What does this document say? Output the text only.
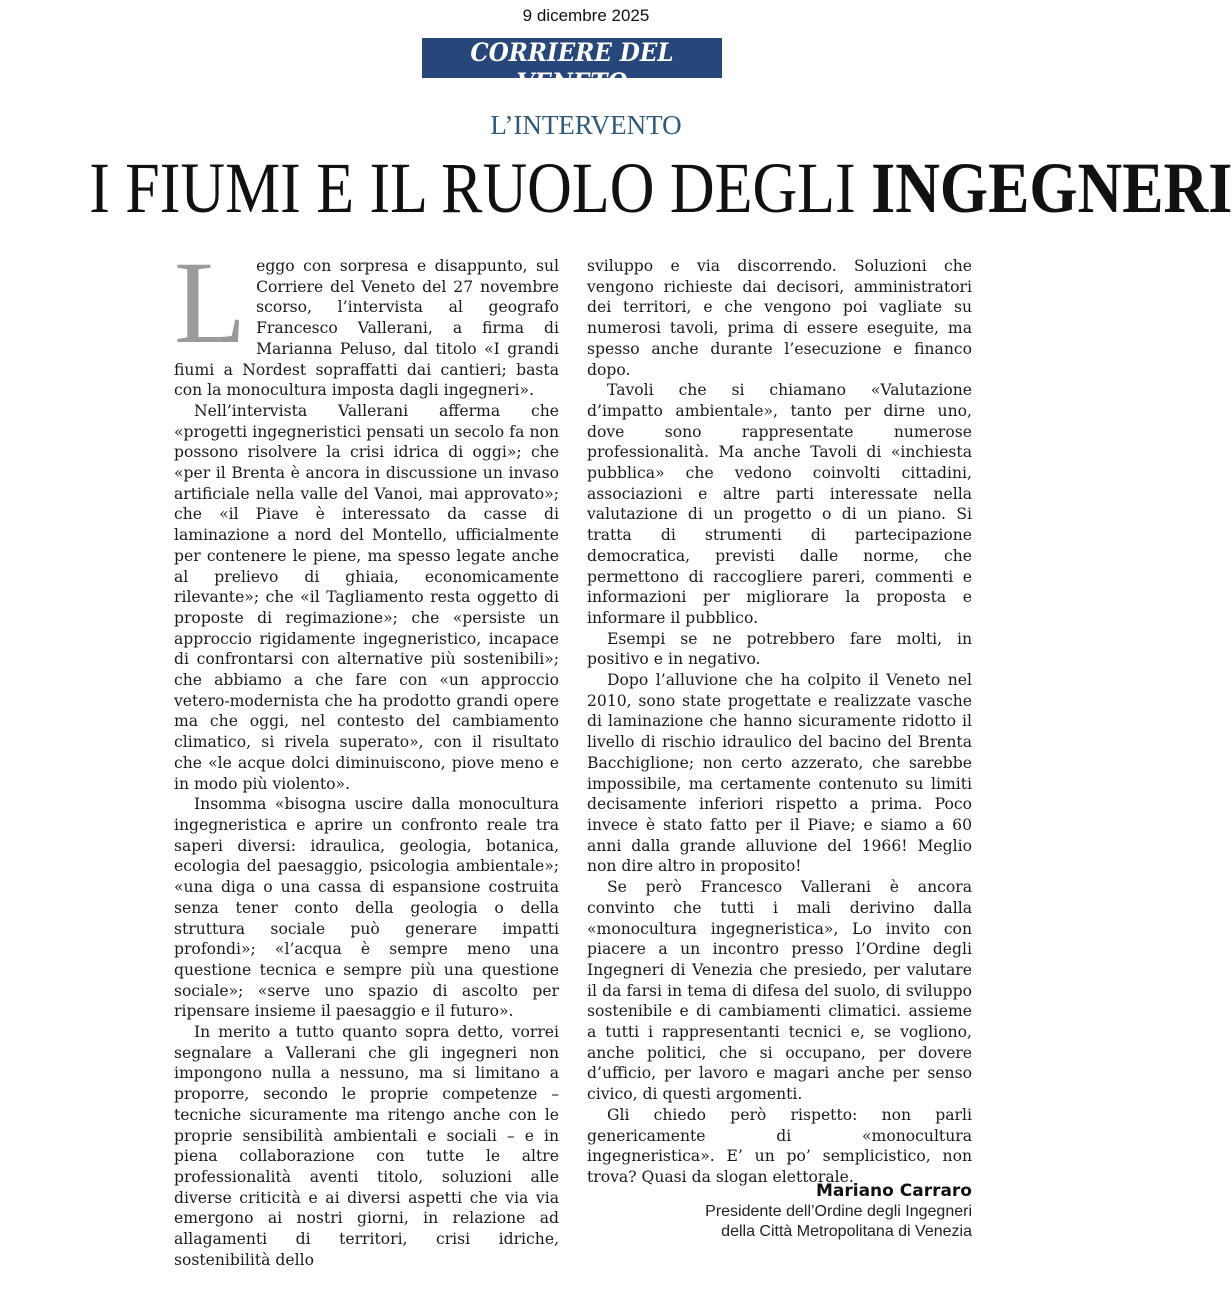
9 dicembre 2025
CORRIERE DEL VENETO
VENEZIA E MESTRE
L’INTERVENTO
I FIUMI E IL RUOLO DEGLI INGEGNERI

Leggo con sorpresa e disappunto, sul Corriere del Veneto del 27 novembre scorso, l’intervista al geografo Francesco Vallerani, a firma di Marianna Peluso, dal titolo «I grandi fiumi a Nordest sopraffatti dai cantieri; basta con la monocultura imposta dagli ingegneri».

Nell’intervista Vallerani afferma che «progetti ingegneristici pensati un secolo fa non possono risolvere la crisi idrica di oggi»; che «per il Brenta è ancora in discussione un invaso artificiale nella valle del Vanoi, mai approvato»; che «il Piave è interessato da casse di laminazione a nord del Montello, ufficialmente per contenere le piene, ma spesso legate anche al prelievo di ghiaia, economicamente rilevante»; che «il Tagliamento resta oggetto di proposte di regimazione»; che «persiste un approccio rigidamente ingegneristico, incapace di confrontarsi con alternative più sostenibili»; che abbiamo a che fare con «un approccio vetero-modernista che ha prodotto grandi opere ma che oggi, nel contesto del cambiamento climatico, si rivela superato», con il risultato che «le acque dolci diminuiscono, piove meno e in modo più violento».

Insomma «bisogna uscire dalla monocultura ingegneristica e aprire un confronto reale tra saperi diversi: idraulica, geologia, botanica, ecologia del paesaggio, psicologia ambientale»; «una diga o una cassa di espansione costruita senza tener conto della geologia o della struttura sociale può generare impatti profondi»; «l’acqua è sempre meno una questione tecnica e sempre più una questione sociale»; «serve uno spazio di ascolto per ripensare insieme il paesaggio e il futuro».

In merito a tutto quanto sopra detto, vorrei segnalare a Vallerani che gli ingegneri non impongono nulla a nessuno, ma si limitano a proporre, secondo le proprie competenze – tecniche sicuramente ma ritengo anche con le proprie sensibilità ambientali e sociali – e in piena collaborazione con tutte le altre professionalità aventi titolo, soluzioni alle diverse criticità e ai diversi aspetti che via via emergono ai nostri giorni, in relazione ad allagamenti di territori, crisi idriche, sostenibilità dello

sviluppo e via discorrendo. Soluzioni che vengono richieste dai decisori, amministratori dei territori, e che vengono poi vagliate su numerosi tavoli, prima di essere eseguite, ma spesso anche durante l’esecuzione e financo dopo.

Tavoli che si chiamano «Valutazione d’impatto ambientale», tanto per dirne uno, dove sono rappresentate numerose professionalità. Ma anche Tavoli di «inchiesta pubblica» che vedono coinvolti cittadini, associazioni e altre parti interessate nella valutazione di un progetto o di un piano. Si tratta di strumenti di partecipazione democratica, previsti dalle norme, che permettono di raccogliere pareri, commenti e informazioni per migliorare la proposta e informare il pubblico.

Esempi se ne potrebbero fare molti, in positivo e in negativo.

Dopo l’alluvione che ha colpito il Veneto nel 2010, sono state progettate e realizzate vasche di laminazione che hanno sicuramente ridotto il livello di rischio idraulico del bacino del Brenta Bacchiglione; non certo azzerato, che sarebbe impossibile, ma certamente contenuto su limiti decisamente inferiori rispetto a prima. Poco invece è stato fatto per il Piave; e siamo a 60 anni dalla grande alluvione del 1966! Meglio non dire altro in proposito!

Se però Francesco Vallerani è ancora convinto che tutti i mali derivino dalla «monocultura ingegneristica», Lo invito con piacere a un incontro presso l’Ordine degli Ingegneri di Venezia che presiedo, per valutare il da farsi in tema di difesa del suolo, di sviluppo sostenibile e di cambiamenti climatici. assieme a tutti i rappresentanti tecnici e, se vogliono, anche politici, che si occupano, per dovere d’ufficio, per lavoro e magari anche per senso civico, di questi argomenti.

Gli chiedo però rispetto: non parli genericamente di «monocultura ingegneristica». E’ un po’ semplicistico, non trova? Quasi da slogan elettorale.

Mariano Carraro
Presidente dell’Ordine degli Ingegneri
della Città Metropolitana di Venezia
